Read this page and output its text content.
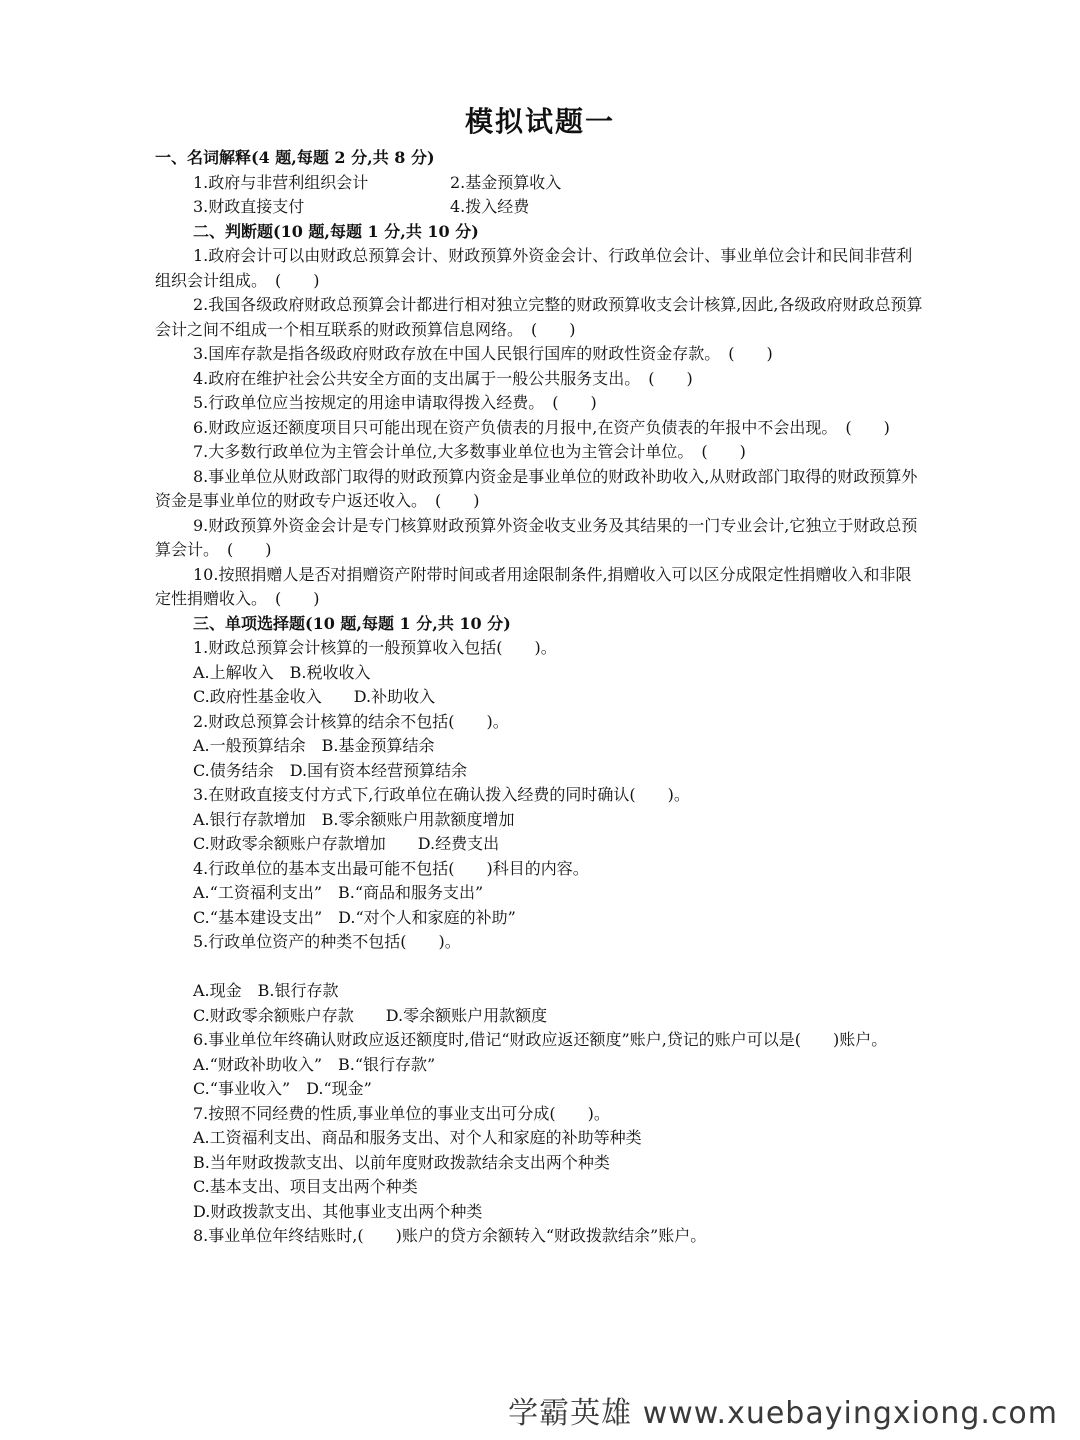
模拟试题一
一、名词解释(4 题,每题 2 分,共 8 分)
1.政府与非营利组织会计	2.基金预算收入
3.财政直接支付	4.拨入经费
二、判断题(10 题,每题 1 分,共 10 分)
1.政府会计可以由财政总预算会计、财政预算外资金会计、行政单位会计、事业单位会计和民间非营利组织会计组成。　(　　)
2.我国各级政府财政总预算会计都进行相对独立完整的财政预算收支会计核算,因此,各级政府财政总预算会计之间不组成一个相互联系的财政预算信息网络。　(　　)
3.国库存款是指各级政府财政存放在中国人民银行国库的财政性资金存款。　(　　)
4.政府在维护社会公共安全方面的支出属于一般公共服务支出。　(　　)
5.行政单位应当按规定的用途申请取得拨入经费。　(　　)
6.财政应返还额度项目只可能出现在资产负债表的月报中,在资产负债表的年报中不会出现。　(　　)
7.大多数行政单位为主管会计单位,大多数事业单位也为主管会计单位。　(　　)
8.事业单位从财政部门取得的财政预算内资金是事业单位的财政补助收入,从财政部门取得的财政预算外资金是事业单位的财政专户返还收入。　(　　)
9.财政预算外资金会计是专门核算财政预算外资金收支业务及其结果的一门专业会计,它独立于财政总预算会计。　(　　)
10.按照捐赠人是否对捐赠资产附带时间或者用途限制条件,捐赠收入可以区分成限定性捐赠收入和非限定性捐赠收入。　(　　)
三、单项选择题(10 题,每题 1 分,共 10 分)
1.财政总预算会计核算的一般预算收入包括(　　)。
A.上解收入　B.税收收入
C.政府性基金收入　　D.补助收入
2.财政总预算会计核算的结余不包括(　　)。
A.一般预算结余　B.基金预算结余
C.债务结余　D.国有资本经营预算结余
3.在财政直接支付方式下,行政单位在确认拨入经费的同时确认(　　)。
A.银行存款增加　B.零余额账户用款额度增加
C.财政零余额账户存款增加　　D.经费支出
4.行政单位的基本支出最可能不包括(　　)科目的内容。
A.“工资福利支出”　B.“商品和服务支出”
C.“基本建设支出”　D.“对个人和家庭的补助”
5.行政单位资产的种类不包括(　　)。
A.现金　B.银行存款
C.财政零余额账户存款　　D.零余额账户用款额度
6.事业单位年终确认财政应返还额度时,借记“财政应返还额度”账户,贷记的账户可以是(　　)账户。
A.“财政补助收入”　B.“银行存款”
C.“事业收入”　D.“现金”
7.按照不同经费的性质,事业单位的事业支出可分成(　　)。
A.工资福利支出、商品和服务支出、对个人和家庭的补助等种类
B.当年财政拨款支出、以前年度财政拨款结余支出两个种类
C.基本支出、项目支出两个种类
D.财政拨款支出、其他事业支出两个种类
8.事业单位年终结账时,(　　)账户的贷方余额转入“财政拨款结余”账户。
学霸英雄 www.xuebayingxiong.com
